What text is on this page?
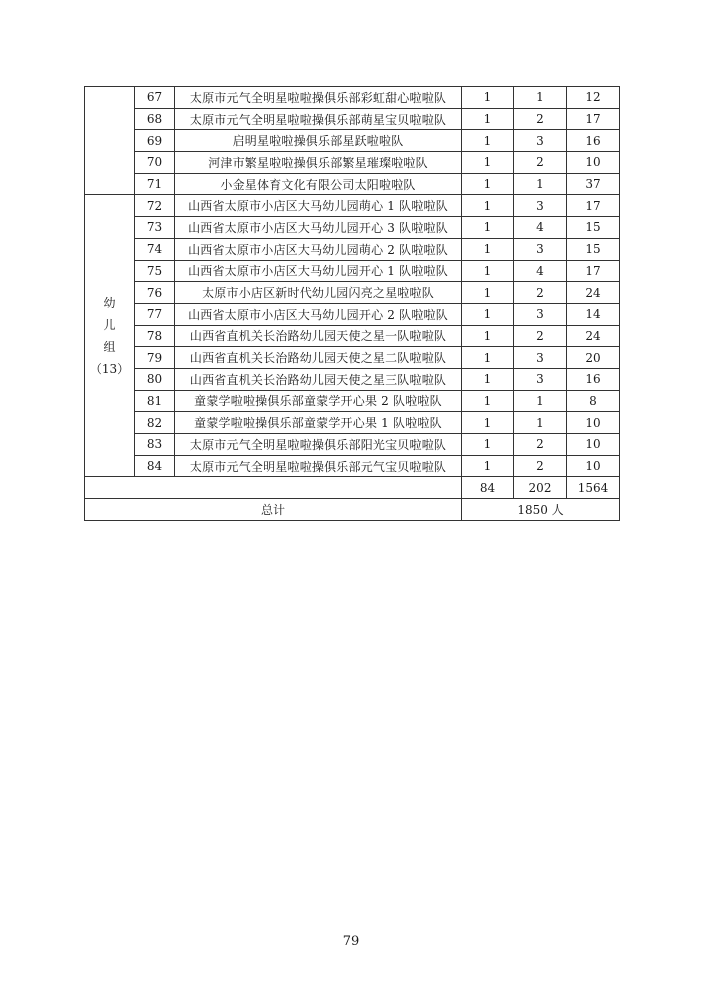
	67	太原市元气全明星啦啦操俱乐部彩虹甜心啦啦队	1	1	12
	68	太原市元气全明星啦啦操俱乐部萌星宝贝啦啦队	1	2	17
	69	启明星啦啦操俱乐部星跃啦啦队	1	3	16
	70	河津市繁星啦啦操俱乐部繁星璀璨啦啦队	1	2	10
	71	小金星体育文化有限公司太阳啦啦队	1	1	37

幼
儿
组
（13）	72	山西省太原市小店区大马幼儿园萌心 1 队啦啦队	1	3	17
	73	山西省太原市小店区大马幼儿园开心 3 队啦啦队	1	4	15
	74	山西省太原市小店区大马幼儿园萌心 2 队啦啦队	1	3	15
	75	山西省太原市小店区大马幼儿园开心 1 队啦啦队	1	4	17
	76	太原市小店区新时代幼儿园闪亮之星啦啦队	1	2	24
	77	山西省太原市小店区大马幼儿园开心 2 队啦啦队	1	3	14
	78	山西省直机关长治路幼儿园天使之星一队啦啦队	1	2	24
	79	山西省直机关长治路幼儿园天使之星二队啦啦队	1	3	20
	80	山西省直机关长治路幼儿园天使之星三队啦啦队	1	3	16
	81	童蒙学啦啦操俱乐部童蒙学开心果 2 队啦啦队	1	1	8
	82	童蒙学啦啦操俱乐部童蒙学开心果 1 队啦啦队	1	1	10
	83	太原市元气全明星啦啦操俱乐部阳光宝贝啦啦队	1	2	10
	84	太原市元气全明星啦啦操俱乐部元气宝贝啦啦队	1	2	10
			84	202	1564
总计			1850 人		
79
